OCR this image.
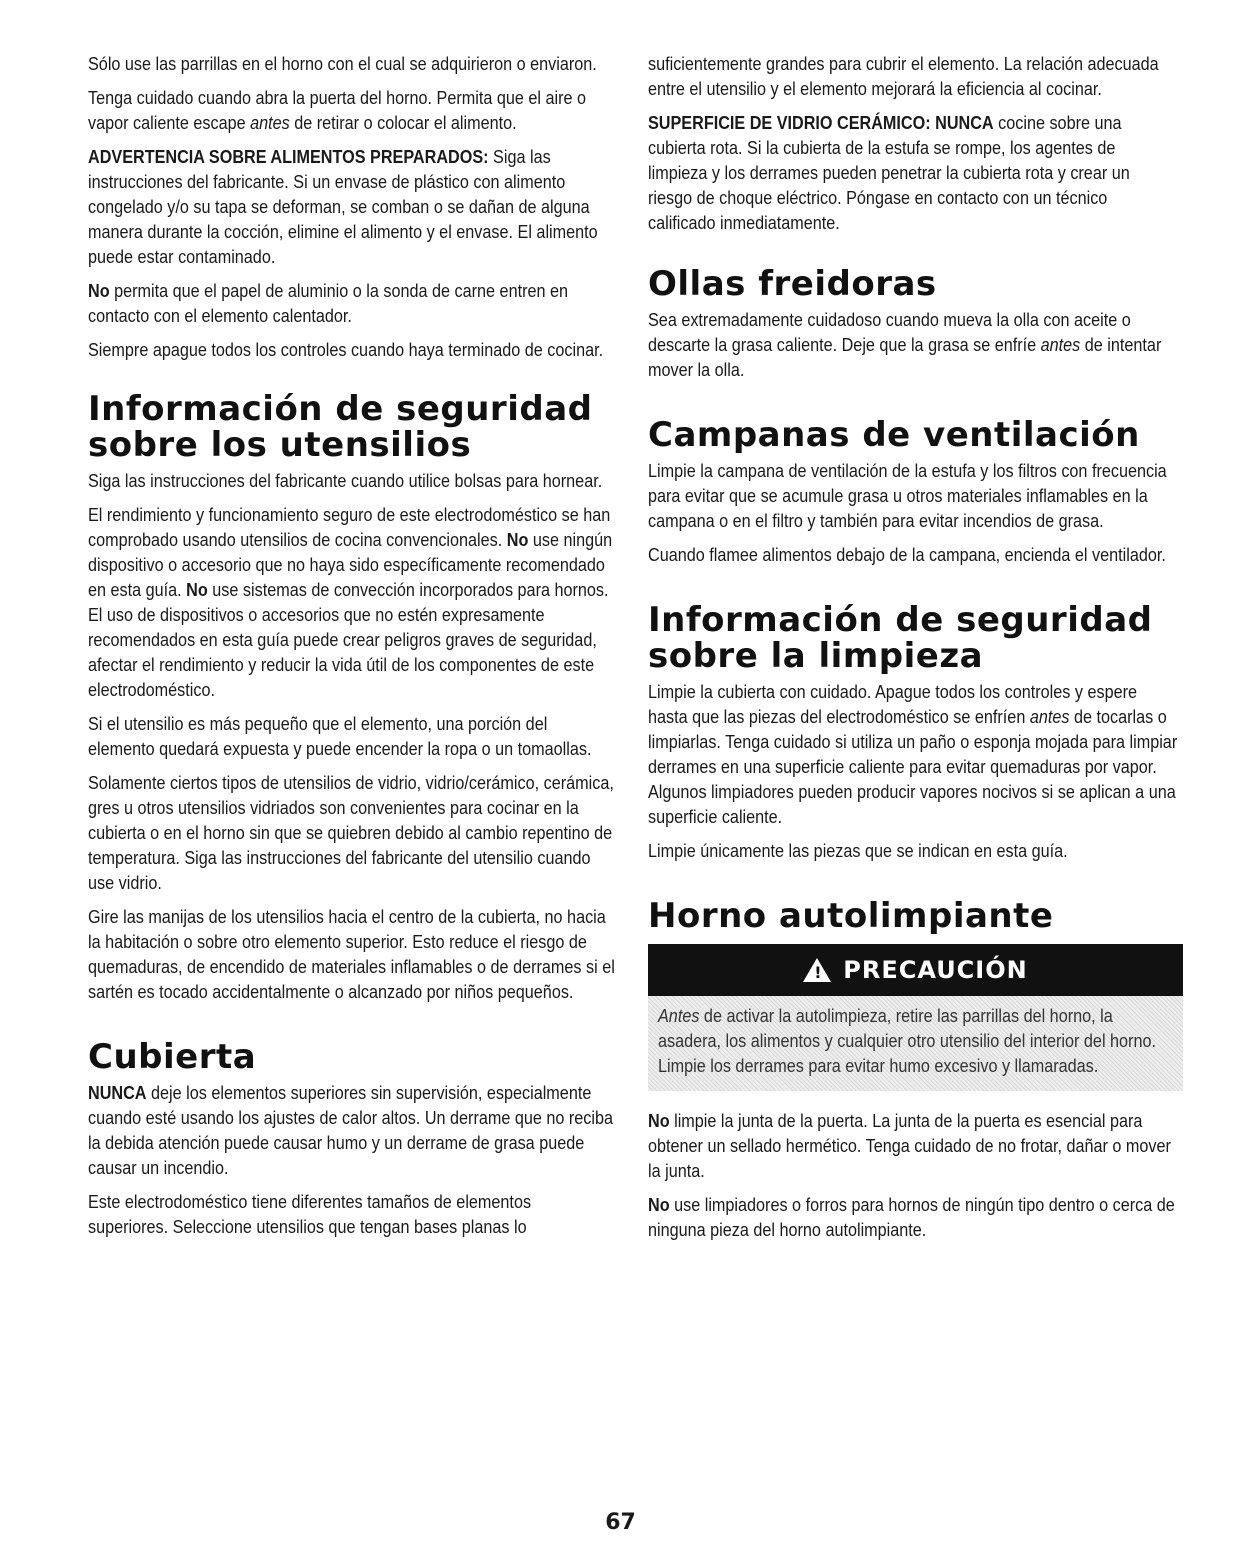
Sólo use las parrillas en el horno con el cual se adquirieron o enviaron.

Tenga cuidado cuando abra la puerta del horno. Permita que el aire o vapor caliente escape antes de retirar o colocar el alimento.

ADVERTENCIA SOBRE ALIMENTOS PREPARADOS: Siga las instrucciones del fabricante. Si un envase de plástico con alimento congelado y/o su tapa se deforman, se comban o se dañan de alguna manera durante la cocción, elimine el alimento y el envase. El alimento puede estar contaminado.

No permita que el papel de aluminio o la sonda de carne entren en contacto con el elemento calentador.

Siempre apague todos los controles cuando haya terminado de cocinar.

Información de seguridad sobre los utensilios

Siga las instrucciones del fabricante cuando utilice bolsas para hornear.

El rendimiento y funcionamiento seguro de este electrodoméstico se han comprobado usando utensilios de cocina convencionales. No use ningún dispositivo o accesorio que no haya sido específicamente recomendado en esta guía. No use sistemas de convección incorporados para hornos. El uso de dispositivos o accesorios que no estén expresamente recomendados en esta guía puede crear peligros graves de seguridad, afectar el rendimiento y reducir la vida útil de los componentes de este electrodoméstico.

Si el utensilio es más pequeño que el elemento, una porción del elemento quedará expuesta y puede encender la ropa o un tomaollas.

Solamente ciertos tipos de utensilios de vidrio, vidrio/cerámico, cerámica, gres u otros utensilios vidriados son convenientes para cocinar en la cubierta o en el horno sin que se quiebren debido al cambio repentino de temperatura. Siga las instrucciones del fabricante del utensilio cuando use vidrio.

Gire las manijas de los utensilios hacia el centro de la cubierta, no hacia la habitación o sobre otro elemento superior. Esto reduce el riesgo de quemaduras, de encendido de materiales inflamables o de derrames si el sartén es tocado accidentalmente o alcanzado por niños pequeños.

Cubierta

NUNCA deje los elementos superiores sin supervisión, especialmente cuando esté usando los ajustes de calor altos. Un derrame que no reciba la debida atención puede causar humo y un derrame de grasa puede causar un incendio.

Este electrodoméstico tiene diferentes tamaños de elementos superiores. Seleccione utensilios que tengan bases planas lo

suficientemente grandes para cubrir el elemento. La relación adecuada entre el utensilio y el elemento mejorará la eficiencia al cocinar.

SUPERFICIE DE VIDRIO CERÁMICO: NUNCA cocine sobre una cubierta rota. Si la cubierta de la estufa se rompe, los agentes de limpieza y los derrames pueden penetrar la cubierta rota y crear un riesgo de choque eléctrico. Póngase en contacto con un técnico calificado inmediatamente.

Ollas freidoras

Sea extremadamente cuidadoso cuando mueva la olla con aceite o descarte la grasa caliente. Deje que la grasa se enfríe antes de intentar mover la olla.

Campanas de ventilación

Limpie la campana de ventilación de la estufa y los filtros con frecuencia para evitar que se acumule grasa u otros materiales inflamables en la campana o en el filtro y también para evitar incendios de grasa.

Cuando flamee alimentos debajo de la campana, encienda el ventilador.

Información de seguridad sobre la limpieza

Limpie la cubierta con cuidado. Apague todos los controles y espere hasta que las piezas del electrodoméstico se enfríen antes de tocarlas o limpiarlas. Tenga cuidado si utiliza un paño o esponja mojada para limpiar derrames en una superficie caliente para evitar quemaduras por vapor. Algunos limpiadores pueden producir vapores nocivos si se aplican a una superficie caliente.

Limpie únicamente las piezas que se indican en esta guía.

Horno autolimpiante
!
PRECAUCIÓN

Antes de activar la autolimpieza, retire las parrillas del horno, la asadera, los alimentos y cualquier otro utensilio del interior del horno. Limpie los derrames para evitar humo excesivo y llamaradas.

No limpie la junta de la puerta. La junta de la puerta es esencial para obtener un sellado hermético. Tenga cuidado de no frotar, dañar o mover la junta.

No use limpiadores o forros para hornos de ningún tipo dentro o cerca de ninguna pieza del horno autolimpiante.

67
